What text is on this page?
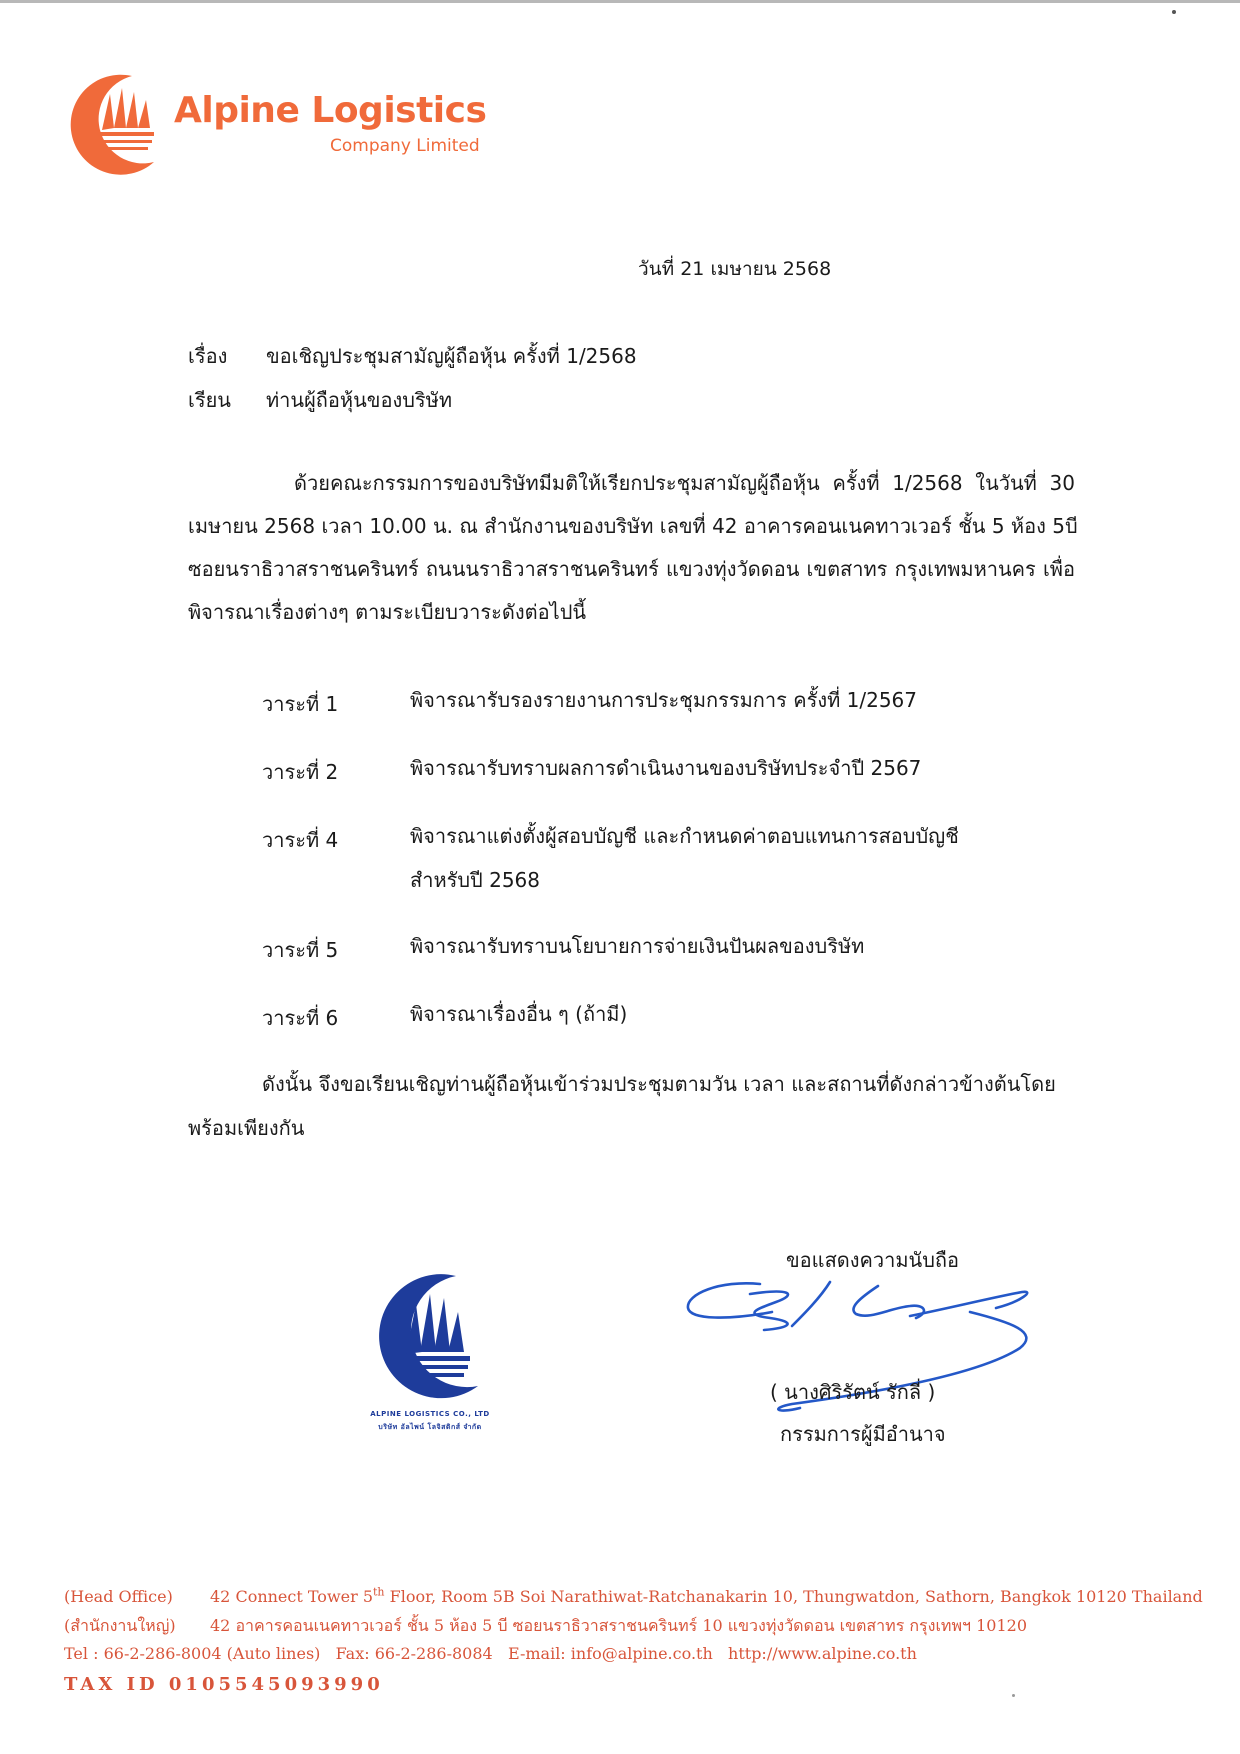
Alpine Logistics
Company Limited
วันที่ 21 เมษายน 2568
เรื่อง ขอเชิญประชุมสามัญผู้ถือหุ้น ครั้งที่ 1/2568
เรียน ท่านผู้ถือหุ้นของบริษัท
ด้วยคณะกรรมการของบริษัทมีมติให้เรียกประชุมสามัญผู้ถือหุ้น ครั้งที่ 1/2568 ในวันที่ 30
เมษายน 2568 เวลา 10.00 น. ณ สำนักงานของบริษัท เลขที่ 42 อาคารคอนเนคทาวเวอร์ ชั้น 5 ห้อง 5บี
ซอยนราธิวาสราชนครินทร์ ถนนนราธิวาสราชนครินทร์ แขวงทุ่งวัดดอน เขตสาทร กรุงเทพมหานคร เพื่อ
พิจารณาเรื่องต่างๆ ตามระเบียบวาระดังต่อไปนี้
วาระที่ 1	พิจารณารับรองรายงานการประชุมกรรมการ ครั้งที่ 1/2567
วาระที่ 2	พิจารณารับทราบผลการดำเนินงานของบริษัทประจำปี 2567
วาระที่ 4	พิจารณาแต่งตั้งผู้สอบบัญชี และกำหนดค่าตอบแทนการสอบบัญชี
สำหรับปี 2568
วาระที่ 5	พิจารณารับทราบนโยบายการจ่ายเงินปันผลของบริษัท
วาระที่ 6	พิจารณาเรื่องอื่น ๆ (ถ้ามี)
ดังนั้น จึงขอเรียนเชิญท่านผู้ถือหุ้นเข้าร่วมประชุมตามวัน เวลา และสถานที่ดังกล่าวข้างต้นโดย
พร้อมเพียงกัน
ขอแสดงความนับถือ
ALPINE LOGISTICS CO., LTD
บริษัท อัลไพน์ โลจิสติกส์ จำกัด
( นางศิริรัตน์ รักลี่ )
กรรมการผู้มีอำนาจ
(Head Office) 42 Connect Tower 5th Floor, Room 5B Soi Narathiwat-Ratchanakarin 10, Thungwatdon, Sathorn, Bangkok 10120 Thailand
(สำนักงานใหญ่) 42 อาคารคอนเนคทาวเวอร์ ชั้น 5 ห้อง 5 บี ซอยนราธิวาสราชนครินทร์ 10 แขวงทุ่งวัดดอน เขตสาทร กรุงเทพฯ 10120
Tel : 66-2-286-8004 (Auto lines)   Fax: 66-2-286-8084   E-mail: info@alpine.co.th   http://www.alpine.co.th
TAX ID 0105545093990
